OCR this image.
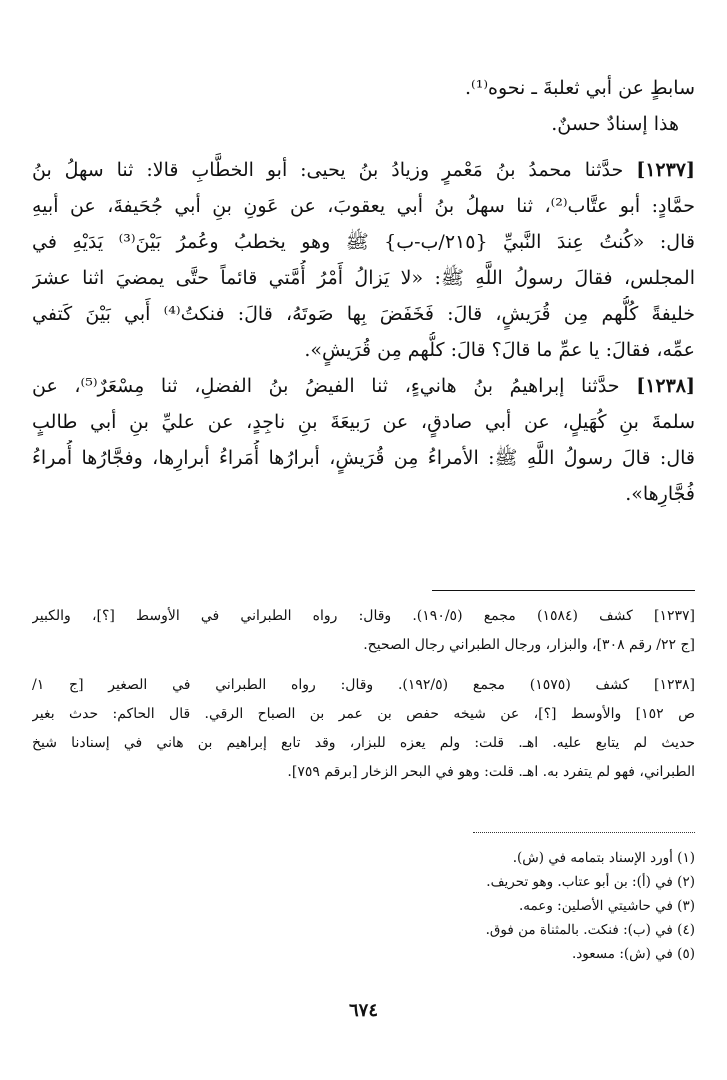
سابطٍ عن أبي ثعلبةَ ـ نحوه⁽¹⁾.
هذا إسنادٌ حسنٌ.
[١٢٣٧] حدَّثنا محمدُ بنُ مَعْمرٍ وزيادُ بنُ يحيى: أبو الخطَّابِ قالا: ثنا سهلُ بنُ
حمَّادٍ: أبو عتَّاب⁽²⁾، ثنا سهلُ بنُ أبي يعقوبَ، عن عَونِ بنِ أبي جُحَيفةَ، عن أبيهِ
قال: «كُنتُ عِندَ النَّبيِّ {٢١٥/ب-ب} ﷺ وهو يخطبُ وعُمرُ بَيْنَ⁽³⁾ يَدَيْهِ في
المجلس، فقالَ رسولُ اللَّهِ ﷺ: «لا يَزالُ أَمْرُ أُمَّتي قائماً حتَّى يمضيَ اثنا عشرَ
خليفةً كُلُّهم مِن قُرَيشٍ، قالَ: فَخَفَضَ بِها صَوتَهُ، قالَ: فنكتُ⁽⁴⁾ أَبي بَيْنَ كَتفي
عمِّه، فقالَ: يا عمِّ ما قالَ؟ قالَ: كلُّهم مِن قُرَيشٍ».
[١٢٣٨] حدَّثنا إبراهيمُ بنُ هانيءٍ، ثنا الفيضُ بنُ الفضلِ، ثنا مِسْعَرٌ⁽⁵⁾، عن
سلمةَ بنِ كُهَيلٍ، عن أبي صادقٍ، عن رَبيعَةَ بنِ ناجِدٍ، عن عليِّ بنِ أبي طالبٍ
قال: قالَ رسولُ اللَّهِ ﷺ: الأمراءُ مِن قُرَيشٍ، أبرارُها أُمَراءُ أبرارِها، وفجَّارُها أُمراءُ
فُجَّارِها».
[١٢٣٧] كشف (١٥٨٤) مجمع (١٩٠/٥). وقال: رواه الطبراني في الأوسط [؟]، والكبير
[ج ٢٢/ رقم ٣٠٨]، والبزار، ورجال الطبراني رجال الصحيح.
[١٢٣٨] كشف (١٥٧٥) مجمع (١٩٢/٥). وقال: رواه الطبراني في الصغير [ج ١/
ص ١٥٢] والأوسط [؟]، عن شيخه حفص بن عمر بن الصباح الرقي. قال الحاكم: حدث بغير
حديث لم يتابع عليه. اهـ. قلت: ولم يعزه للبزار، وقد تابع إبراهيم بن هاني في إسنادنا شيخ
الطبراني، فهو لم يتفرد به. اهـ. قلت: وهو في البحر الزخار [برقم ٧٥٩].
(١) أورد الإسناد بتمامه في (ش).
(٢) في (أ): بن أبو عتاب. وهو تحريف.
(٣) في حاشيتي الأصلين: وعمه.
(٤) في (ب): فنكت. بالمثناة من فوق.
(٥) في (ش): مسعود.
٦٧٤
